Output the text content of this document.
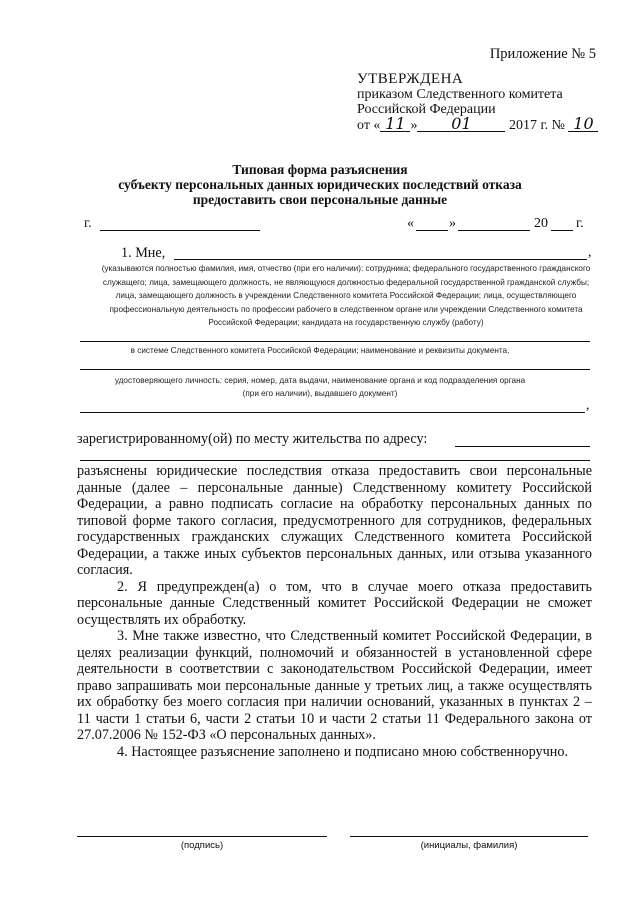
Приложение № 5
УТВЕРЖДЕНА
приказом Следственного комитета
Российской Федерации
от « 11 » 01	2017 г. № 10
Типовая форма разъяснения
субъекту персональных данных юридических последствий отказа
предоставить свои персональные данные
г.	«	»	20 г.
1. Мне,	,
(указываются полностью фамилия, имя, отчество (при его наличии): сотрудника; федерального государственного гражданского служащего; лица, замещающего должность, не являющуюся должностью федеральной государственной гражданской службы; лица, замещающего должность в учреждении Следственного комитета Российской Федерации; лица, осуществляющего профессиональную деятельность по профессии рабочего в следственном органе или учреждении Следственного комитета Российской Федерации; кандидата на государственную службу (работу)
в системе Следственного комитета Российской Федерации; наименование и реквизиты документа,
удостоверяющего личность: серия, номер, дата выдачи, наименование органа и код подразделения органа
(при его наличии), выдавшего документ)
,
зарегистрированному(ой) по месту жительства по адресу:

разъяснены юридические последствия отказа предоставить свои персональные данные (далее – персональные данные) Следственному комитету Российской Федерации, а равно подписать согласие на обработку персональных данных по типовой форме такого согласия, предусмотренного для сотрудников, федеральных государственных гражданских служащих Следственного комитета Российской Федерации, а также иных субъектов персональных данных, или отзыва указанного согласия.

2. Я предупрежден(а) о том, что в случае моего отказа предоставить персональные данные Следственный комитет Российской Федерации не сможет осуществлять их обработку.

3. Мне также известно, что Следственный комитет Российской Федерации, в целях реализации функций, полномочий и обязанностей в установленной сфере деятельности в соответствии с законодательством Российской Федерации, имеет право запрашивать мои персональные данные у третьих лиц, а также осуществлять их обработку без моего согласия при наличии оснований, указанных в пунктах 2 – 11 части 1 статьи 6, части 2 статьи 10 и части 2 статьи 11 Федерального закона от 27.07.2006 № 152-ФЗ «О персональных данных».

4. Настоящее разъяснение заполнено и подписано мною собственноручно.

(подпись)	(инициалы, фамилия)
